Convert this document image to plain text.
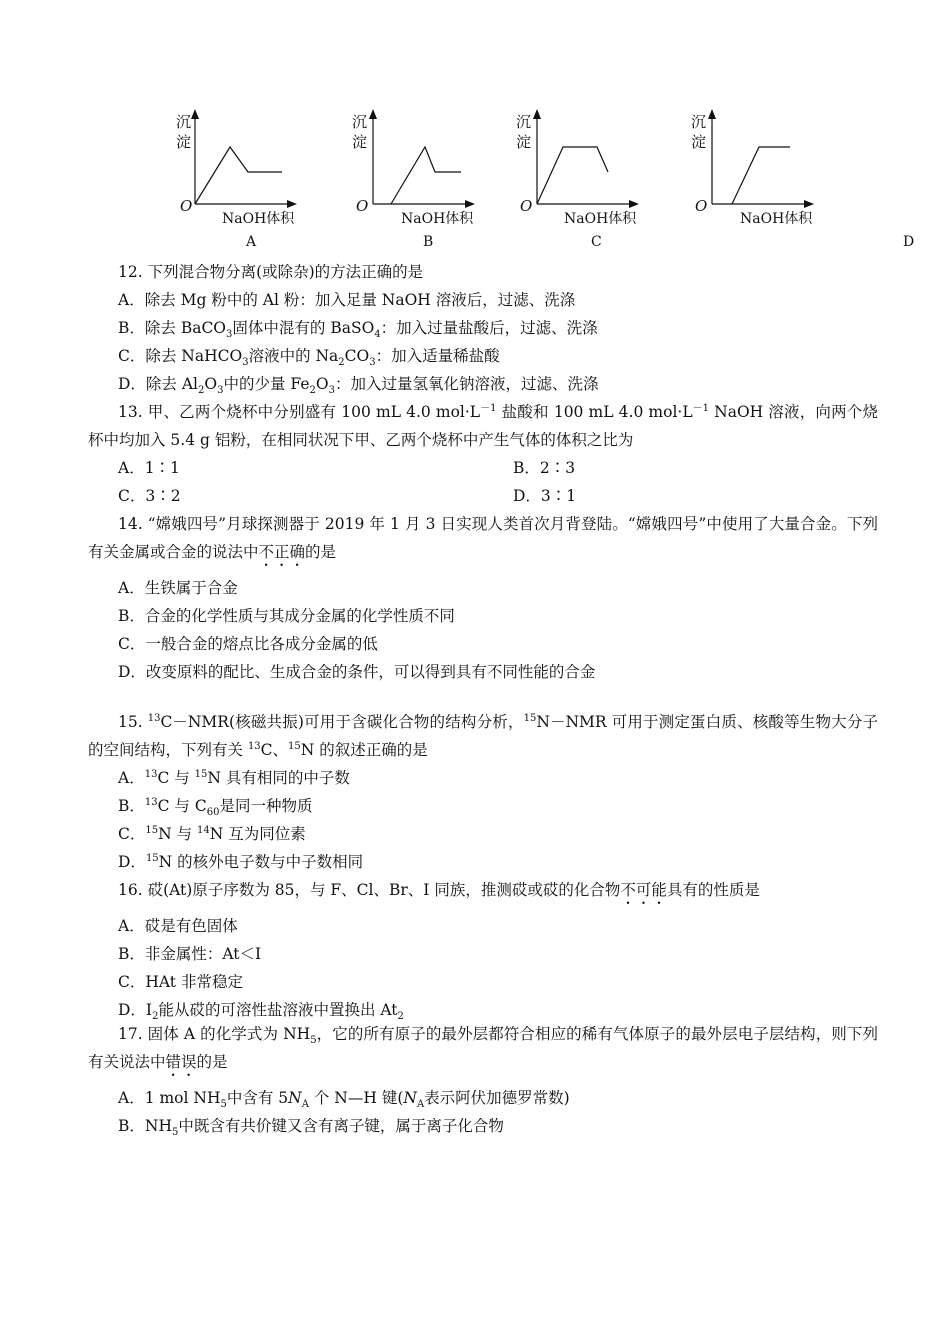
沉
淀
O
NaOH体积
A
沉
淀
O
NaOH体积
B
沉
淀
O
NaOH体积
C
沉
淀
O
NaOH体积
D
12. 下列混合物分离(或除杂)的方法正确的是
A．除去 Mg 粉中的 Al 粉：加入足量 NaOH 溶液后，过滤、洗涤
B．除去 BaCO$_3$固体中混有的 BaSO$_4$：加入过量盐酸后，过滤、洗涤
C．除去 NaHCO$_3$溶液中的 $Na_2CO_3$：加入适量稀盐酸
D．除去 $Al_2O_3$中的少量 $Fe_2O_3$：加入过量氢氧化钠溶液，过滤、洗涤
13. 甲、乙两个烧杯中分别盛有 100 mL 4.0 $mol\cdot L^{-1}$ 盐酸和 100 mL 4.0 $mol\cdot L^{-1}$ NaOH 溶液，向两个烧杯中均加入 5.4 g 铝粉，在相同状况下甲、乙两个烧杯中产生气体的体积之比为
A．1∶1	B．2∶3
C．3∶2	D．3∶1
14. “嫦娥四号”月球探测器于 2019 年 1 月 3 日实现人类首次月背登陆。“嫦娥四号”中使用了大量合金。下列有关金属或合金的说法中不正确的是
A．生铁属于合金
B．合金的化学性质与其成分金属的化学性质不同
C．一般合金的熔点比各成分金属的低
D．改变原料的配比、生成合金的条件，可以得到具有不同性能的合金
15. $^{13}$C－NMR(核磁共振)可用于含碳化合物的结构分析，$^{15}$N－NMR 可用于测定蛋白质、核酸等生物大分子的空间结构，下列有关 $^{13}$C、$^{15}$N 的叙述正确的是
A．$^{13}$C 与 $^{15}$N 具有相同的中子数
B．$^{13}$C 与 $C_{60}$是同一种物质
C．$^{15}$N 与 $^{14}$N 互为同位素
D．$^{15}$N 的核外电子数与中子数相同
16. 砹(At)原子序数为 85，与 F、Cl、Br、I 同族，推测砹或砹的化合物不可能具有的性质是
A．砹是有色固体
B．非金属性：At＜I
C．HAt 非常稳定
D．$I_2$能从砹的可溶性盐溶液中置换出 $At_2$
17. 固体 A 的化学式为 $NH_5$，它的所有原子的最外层都符合相应的稀有气体原子的最外层电子层结构，则下列有关说法中错误的是
A．1 mol $NH_5$中含有 $5N_A$ 个 N—H 键($N_A$表示阿伏加德罗常数)
B．$NH_5$中既含有共价键又含有离子键，属于离子化合物
